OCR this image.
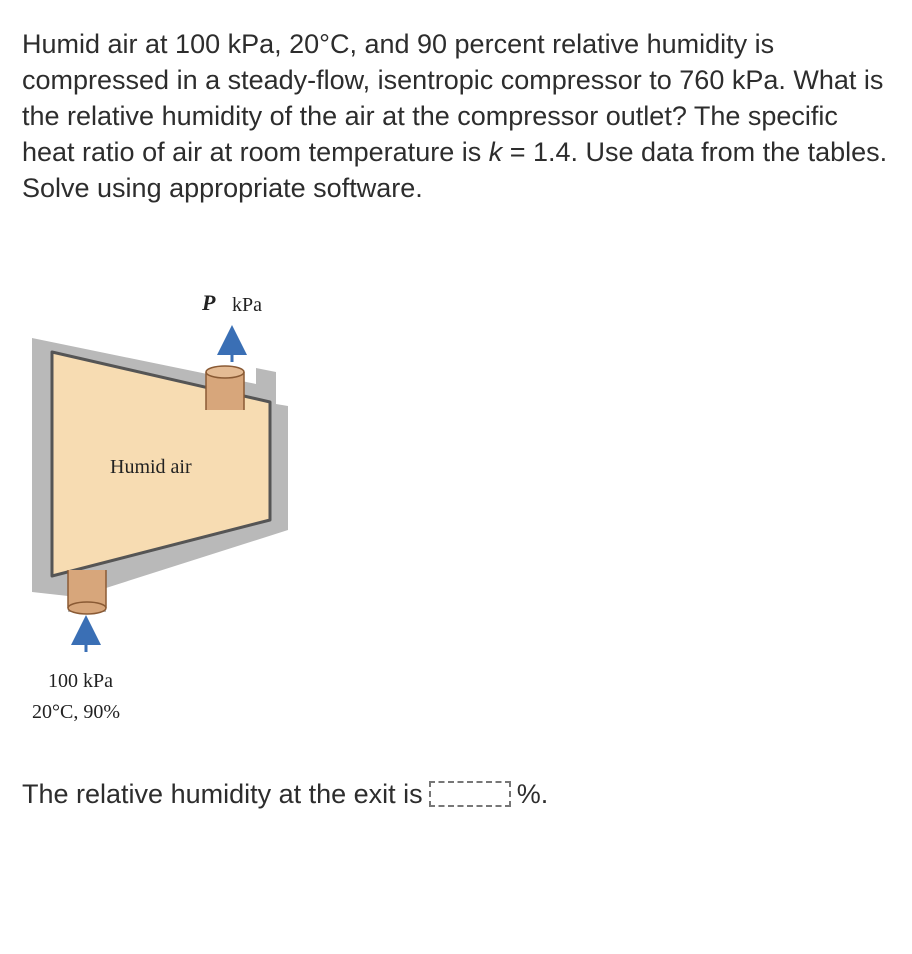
Humid air at 100 kPa, 20°C, and 90 percent relative humidity is compressed in a steady-flow, isentropic compressor to 760 kPa. What is the relative humidity of the air at the compressor outlet? The specific heat ratio of air at room temperature is k = 1.4. Use data from the tables. Solve using appropriate software.

P kPa
Humid air
100 kPa
20°C, 90%
The relative humidity at the exit is	%.
